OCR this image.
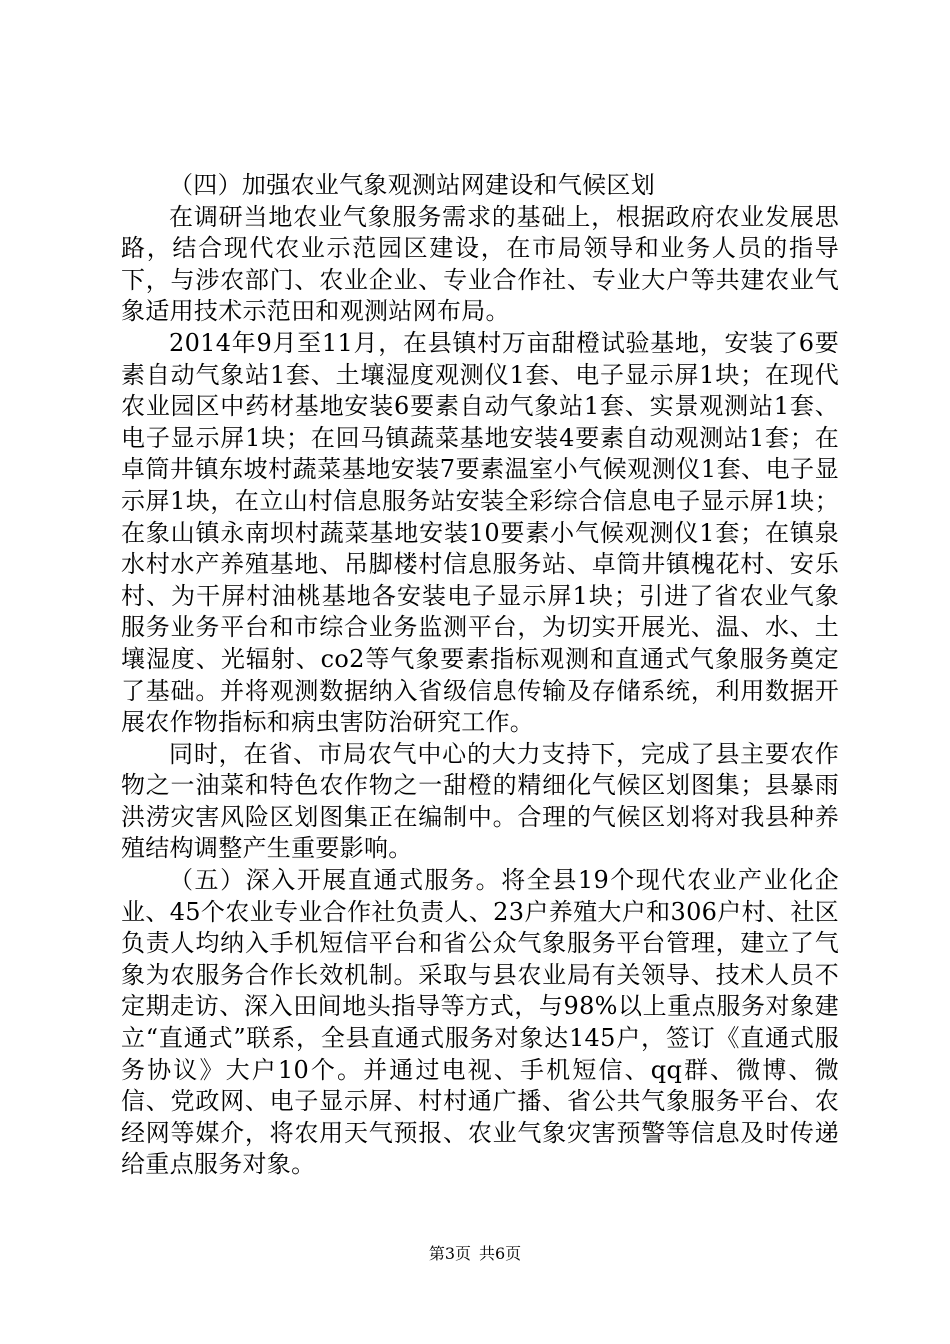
（四）加强农业气象观测站网建设和气候区划

在调研当地农业气象服务需求的基础上，根据政府农业发展思路，结合现代农业示范园区建设，在市局领导和业务人员的指导下，与涉农部门、农业企业、专业合作社、专业大户等共建农业气象适用技术示范田和观测站网布局。

2014年9月至11月，在县镇村万亩甜橙试验基地，安装了6要素自动气象站1套、土壤湿度观测仪1套、电子显示屏1块；在现代农业园区中药材基地安装6要素自动气象站1套、实景观测站1套、电子显示屏1块；在回马镇蔬菜基地安装4要素自动观测站1套；在卓筒井镇东坡村蔬菜基地安装7要素温室小气候观测仪1套、电子显示屏1块，在立山村信息服务站安装全彩综合信息电子显示屏1块；在象山镇永南坝村蔬菜基地安装10要素小气候观测仪1套；在镇泉水村水产养殖基地、吊脚楼村信息服务站、卓筒井镇槐花村、安乐村、为干屏村油桃基地各安装电子显示屏1块；引进了省农业气象服务业务平台和市综合业务监测平台，为切实开展光、温、水、土壤湿度、光辐射、co2等气象要素指标观测和直通式气象服务奠定了基础。并将观测数据纳入省级信息传输及存储系统，利用数据开展农作物指标和病虫害防治研究工作。

同时，在省、市局农气中心的大力支持下，完成了县主要农作物之一油菜和特色农作物之一甜橙的精细化气候区划图集；县暴雨洪涝灾害风险区划图集正在编制中。合理的气候区划将对我县种养殖结构调整产生重要影响。

（五）深入开展直通式服务。将全县19个现代农业产业化企业、45个农业专业合作社负责人、23户养殖大户和306户村、社区负责人均纳入手机短信平台和省公众气象服务平台管理，建立了气象为农服务合作长效机制。采取与县农业局有关领导、技术人员不定期走访、深入田间地头指导等方式，与98%以上重点服务对象建立“直通式”联系，全县直通式服务对象达145户，签订《直通式服务协议》大户10个。并通过电视、手机短信、qq群、微博、微信、党政网、电子显示屏、村村通广播、省公共气象服务平台、农经网等媒介，将农用天气预报、农业气象灾害预警等信息及时传递给重点服务对象。

第3页 共6页
